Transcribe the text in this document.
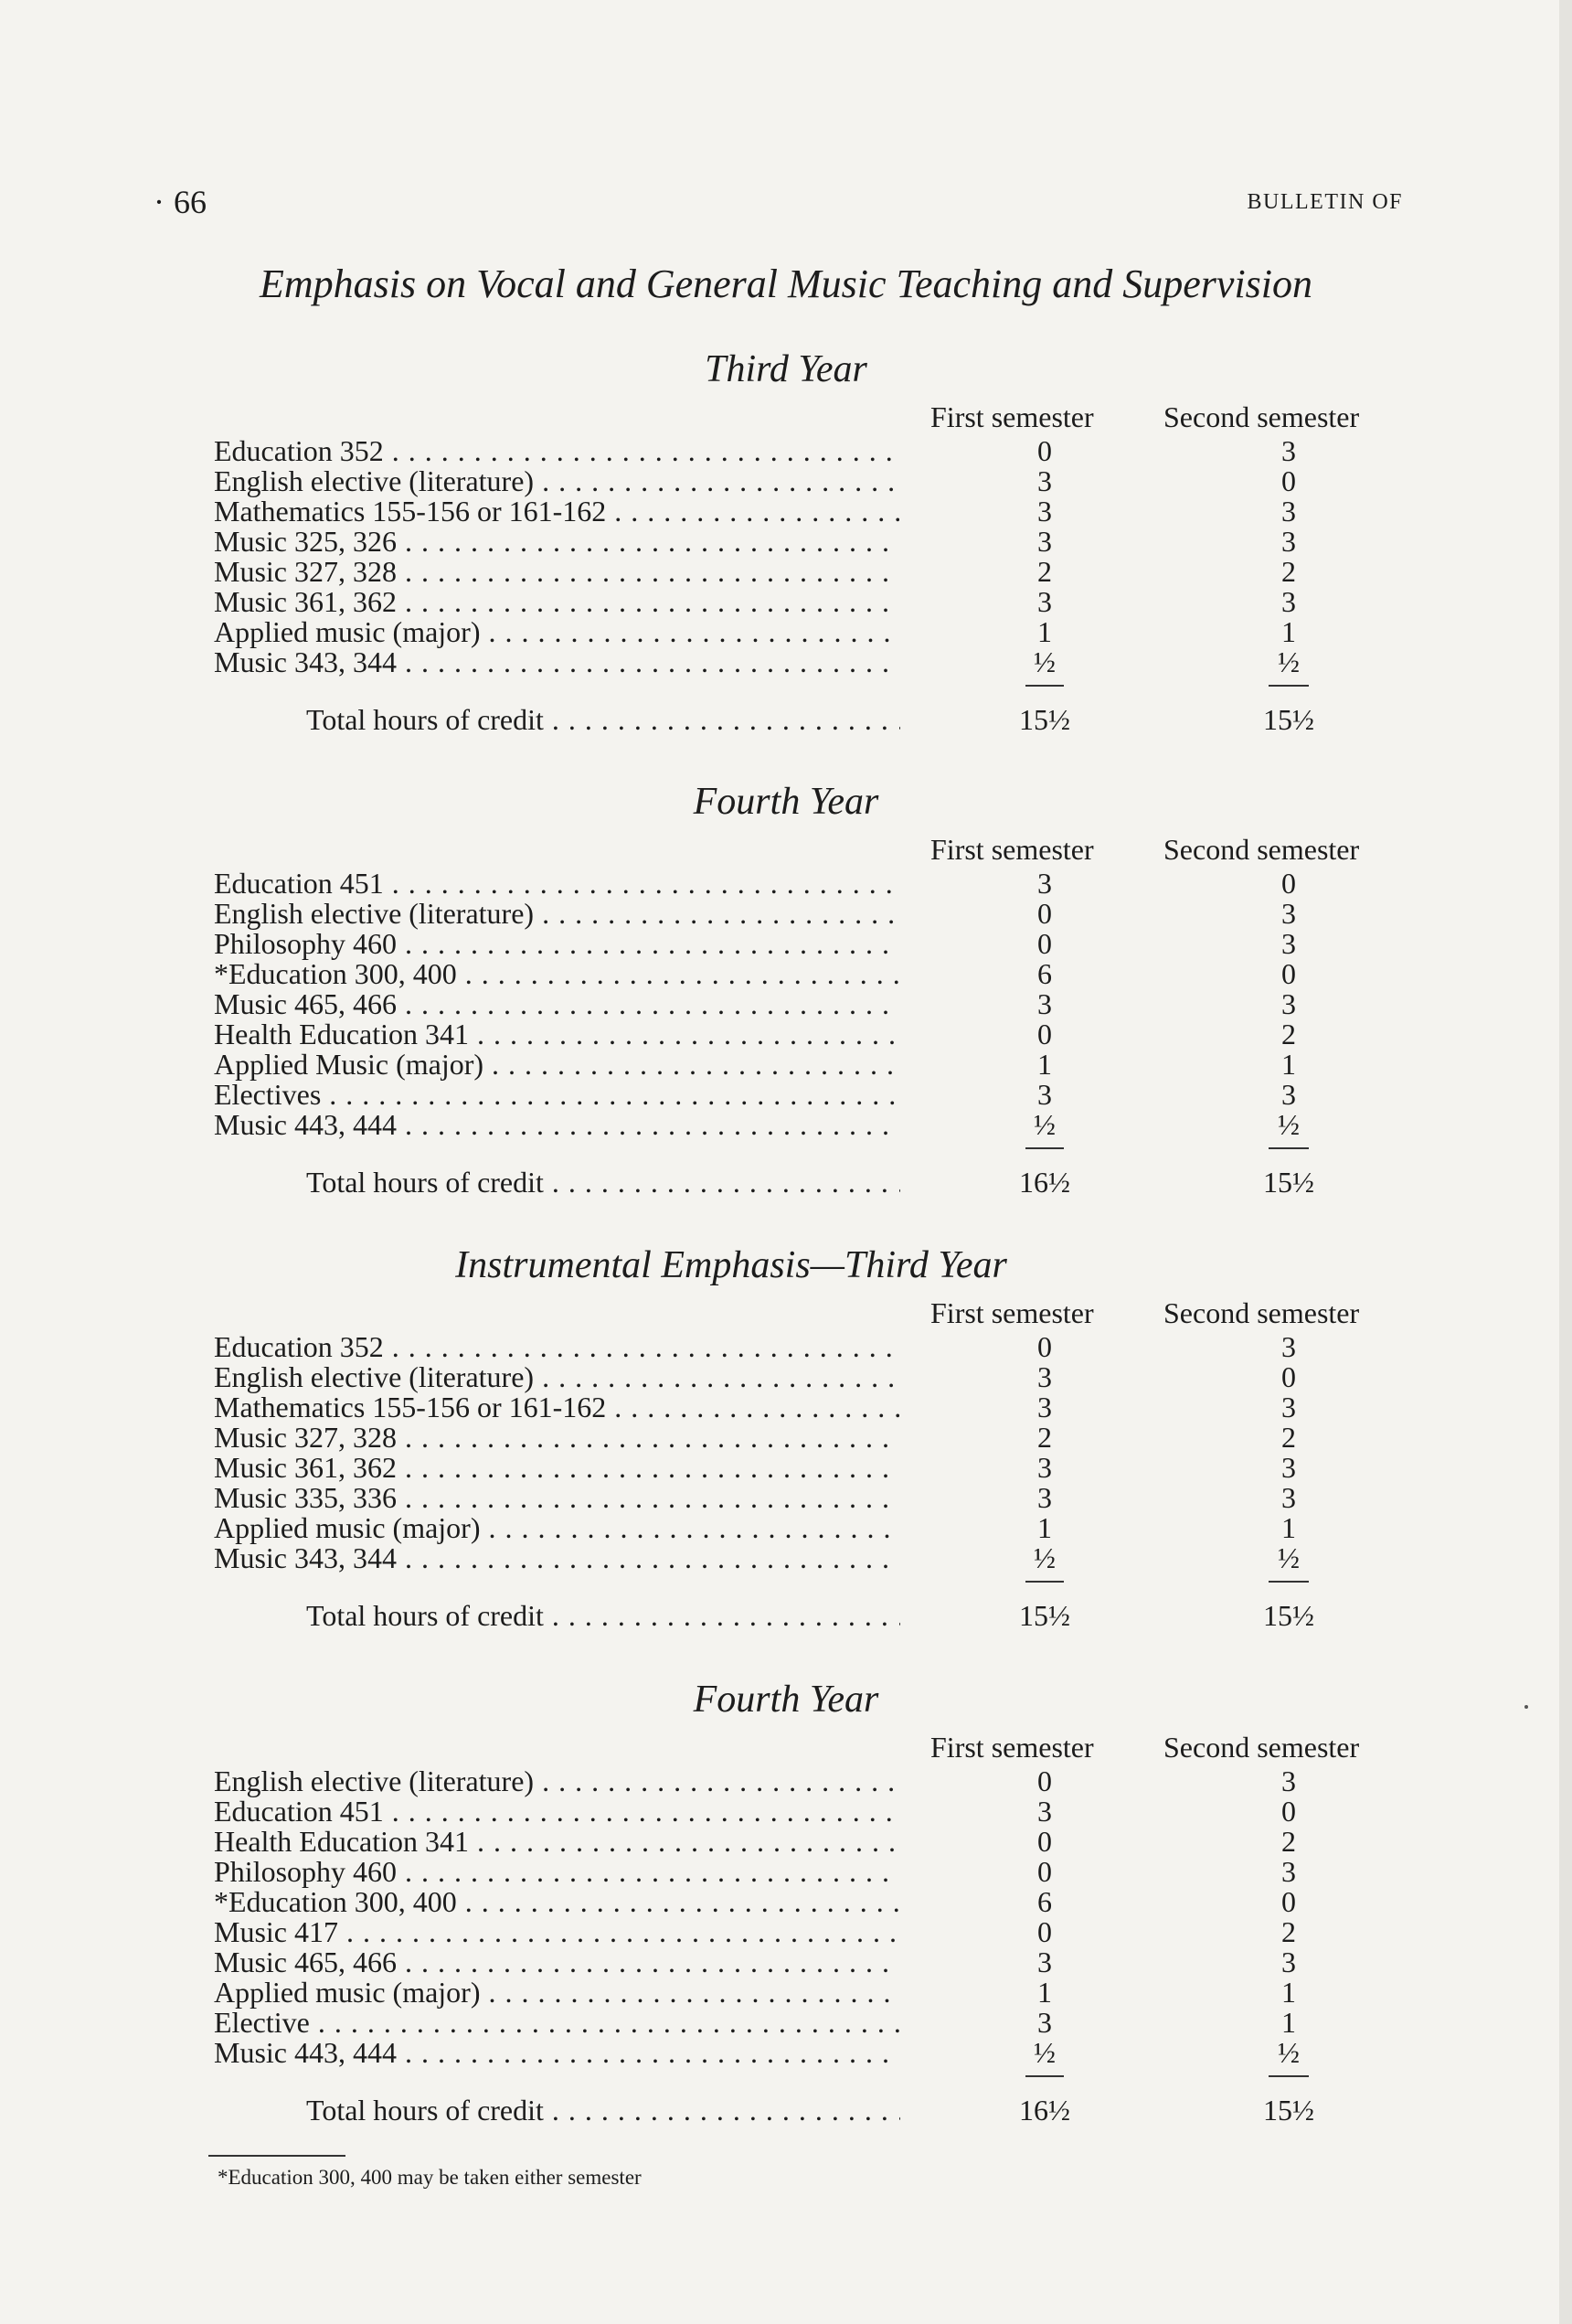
· 66	BULLETIN OF
Emphasis on Vocal and General Music Teaching and Supervision
Third Year
First semester Second semester
Education 352 . . .	0	3
English elective (literature) . . .	3	0
Mathematics 155-156 or 161-162 . . .	3	3
Music 325, 326 . . .	3	3
Music 327, 328 . . .	2	2
Music 361, 362 . . .	3	3
Applied music (major) . . .	1	1
Music 343, 344 . . .	½	½
Total hours of credit . . .	15½	15½
Fourth Year
First semester Second semester
Education 451 . . .	3	0
English elective (literature) . . .	0	3
Philosophy 460 . . .	0	3
*Education 300, 400 . . .	6	0
Music 465, 466 . . .	3	3
Health Education 341 . . .	0	2
Applied Music (major) . . .	1	1
Electives . . .	3	3
Music 443, 444 . . .	½	½
Total hours of credit . . .	16½	15½
Instrumental Emphasis—Third Year
First semester Second semester
Education 352 . . .	0	3
English elective (literature) . . .	3	0
Mathematics 155-156 or 161-162 . . .	3	3
Music 327, 328 . . .	2	2
Music 361, 362 . . .	3	3
Music 335, 336 . . .	3	3
Applied music (major) . . .	1	1
Music 343, 344 . . .	½	½
Total hours of credit . . .	15½	15½
Fourth Year
First semester Second semester
English elective (literature) . . .	0	3
Education 451 . . .	3	0
Health Education 341 . . .	0	2
Philosophy 460 . . .	0	3
*Education 300, 400 . . .	6	0
Music 417 . . .	0	2
Music 465, 466 . . .	3	3
Applied music (major) . . .	1	1
Elective . . .	3	1
Music 443, 444 . . .	½	½
Total hours of credit . . .	16½	15½
*Education 300, 400 may be taken either semester
